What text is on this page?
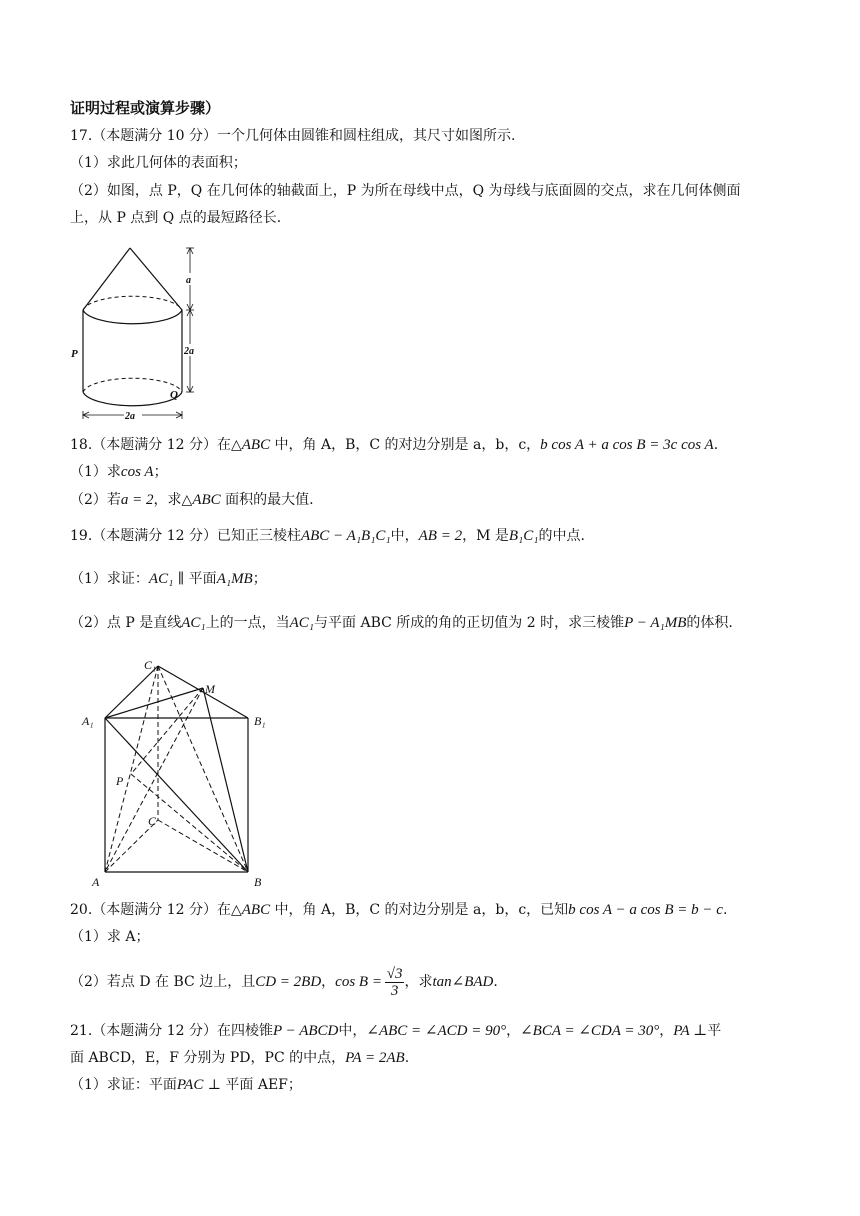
证明过程或演算步骤）
17.（本题满分 10 分）一个几何体由圆锥和圆柱组成，其尺寸如图所示.
（1）求此几何体的表面积；
（2）如图，点 P，Q 在几何体的轴截面上，P 为所在母线中点，Q 为母线与底面圆的交点，求在几何体侧面
上，从 P 点到 Q 点的最短路径长.
a
2a
2a
P
Q
18.（本题满分 12 分）在△ABC 中，角 A，B，C 的对边分别是 a，b，c，b cos A + a cos B = 3c cos A.
（1）求cos A；
（2）若a = 2，求△ABC 面积的最大值.
19.（本题满分 12 分）已知正三棱柱ABC − A₁B₁C₁中，AB = 2，M 是B₁C₁的中点.
（1）求证：AC₁ ∥ 平面A₁MB；
（2）点 P 是直线AC₁上的一点，当AC₁与平面 ABC 所成的角的正切值为 2 时，求三棱锥P − A₁MB的体积.
C₁
M
A₁	B₁
P
C
A	B
20.（本题满分 12 分）在△ABC 中，角 A，B，C 的对边分别是 a，b，c，已知b cos A − a cos B = b − c.
（1）求 A；
（2）若点 D 在 BC 边上，且CD = 2BD，$\cos B = \frac{√3}{3}$ ，求tan∠BAD.
21.（本题满分 12 分）在四棱锥P − ABCD中，∠ABC = ∠ACD = 90°，∠BCA = ∠CDA = 30°，PA ⊥平
面 ABCD，E，F 分别为 PD，PC 的中点，PA = 2AB.
（1）求证：平面PAC ⊥ 平面 AEF；
